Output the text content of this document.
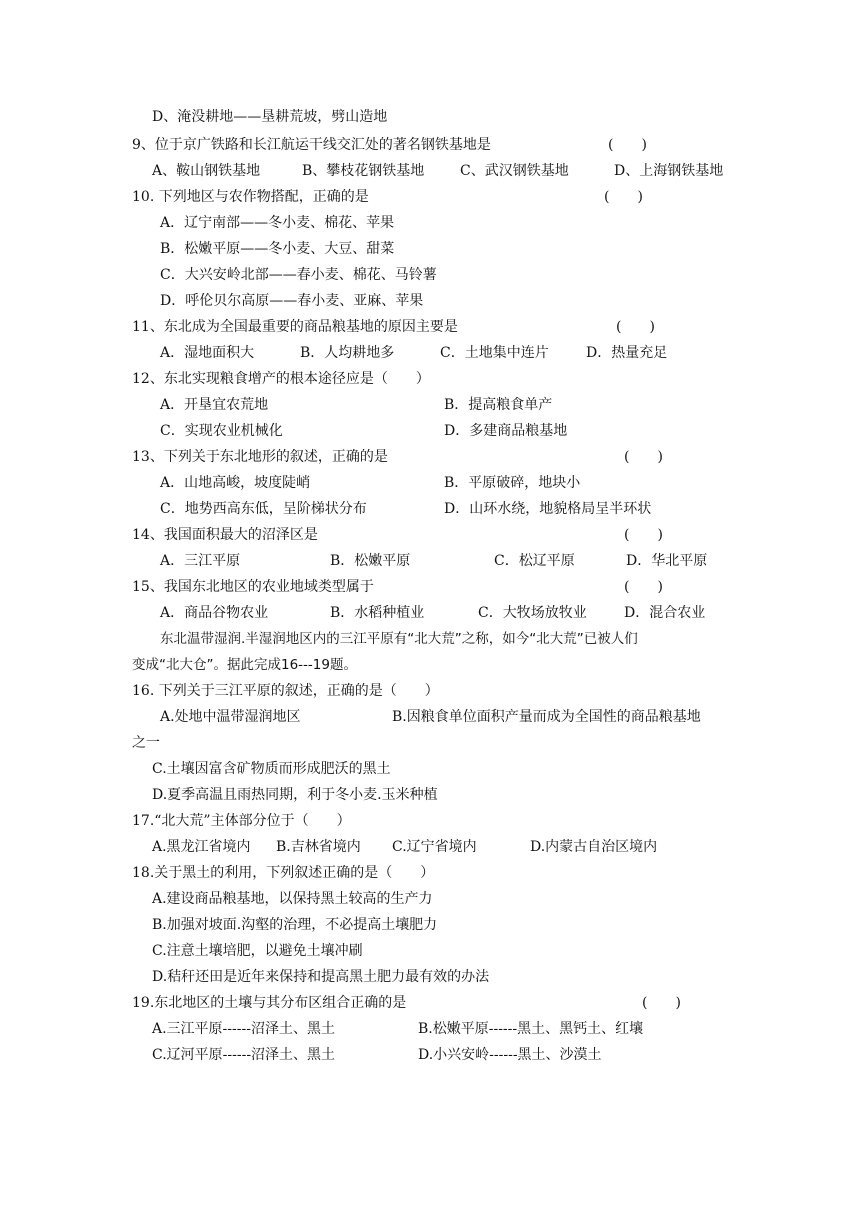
D、淹没耕地——垦耕荒坡，劈山造地
9、位于京广铁路和长江航运干线交汇处的著名钢铁基地是	(　　)
A、鞍山钢铁基地	B、攀枝花钢铁基地	C、武汉钢铁基地	D、上海钢铁基地
10. 下列地区与农作物搭配，正确的是	(　　)
A．辽宁南部——冬小麦、棉花、苹果
B．松嫩平原——冬小麦、大豆、甜菜
C．大兴安岭北部——春小麦、棉花、马铃薯
D．呼伦贝尔高原——春小麦、亚麻、苹果
11、东北成为全国最重要的商品粮基地的原因主要是	(　　)
A．湿地面积大	B．人均耕地多	C．土地集中连片	D．热量充足
12、东北实现粮食增产的根本途径应是（　　）
A．开垦宜农荒地	B．提高粮食单产
C．实现农业机械化	D．多建商品粮基地
13、下列关于东北地形的叙述，正确的是	(　　)
A．山地高峻，坡度陡峭	B．平原破碎，地块小
C．地势西高东低，呈阶梯状分布	D．山环水绕，地貌格局呈半环状
14、我国面积最大的沼泽区是	(　　)
A．三江平原	B．松嫩平原	C．松辽平原	D．华北平原
15、我国东北地区的农业地域类型属于	(　　)
A．商品谷物农业	B．水稻种植业	C．大牧场放牧业	D．混合农业
东北温带湿润.半湿润地区内的三江平原有“北大荒”之称，如今“北大荒”已被人们
变成“北大仓”。据此完成16---19题。
16. 下列关于三江平原的叙述，正确的是（　　）
A.处地中温带湿润地区	B.因粮食单位面积产量而成为全国性的商品粮基地
之一
C.土壤因富含矿物质而形成肥沃的黑土
D.夏季高温且雨热同期，利于冬小麦.玉米种植
17.“北大荒”主体部分位于（　　）
A.黑龙江省境内 B.吉林省境内 C.辽宁省境内	D.内蒙古自治区境内
18.关于黑土的利用，下列叙述正确的是（　　）
A.建设商品粮基地，以保持黑土较高的生产力
B.加强对坡面.沟壑的治理，不必提高土壤肥力
C.注意土壤培肥，以避免土壤冲刷
D.秸秆还田是近年来保持和提高黑土肥力最有效的办法
19.东北地区的土壤与其分布区组合正确的是	(　　)
A.三江平原------沼泽土、黑土	B.松嫩平原------黑土、黑钙土、红壤
C.辽河平原------沼泽土、黑土	D.小兴安岭------黑土、沙漠土
